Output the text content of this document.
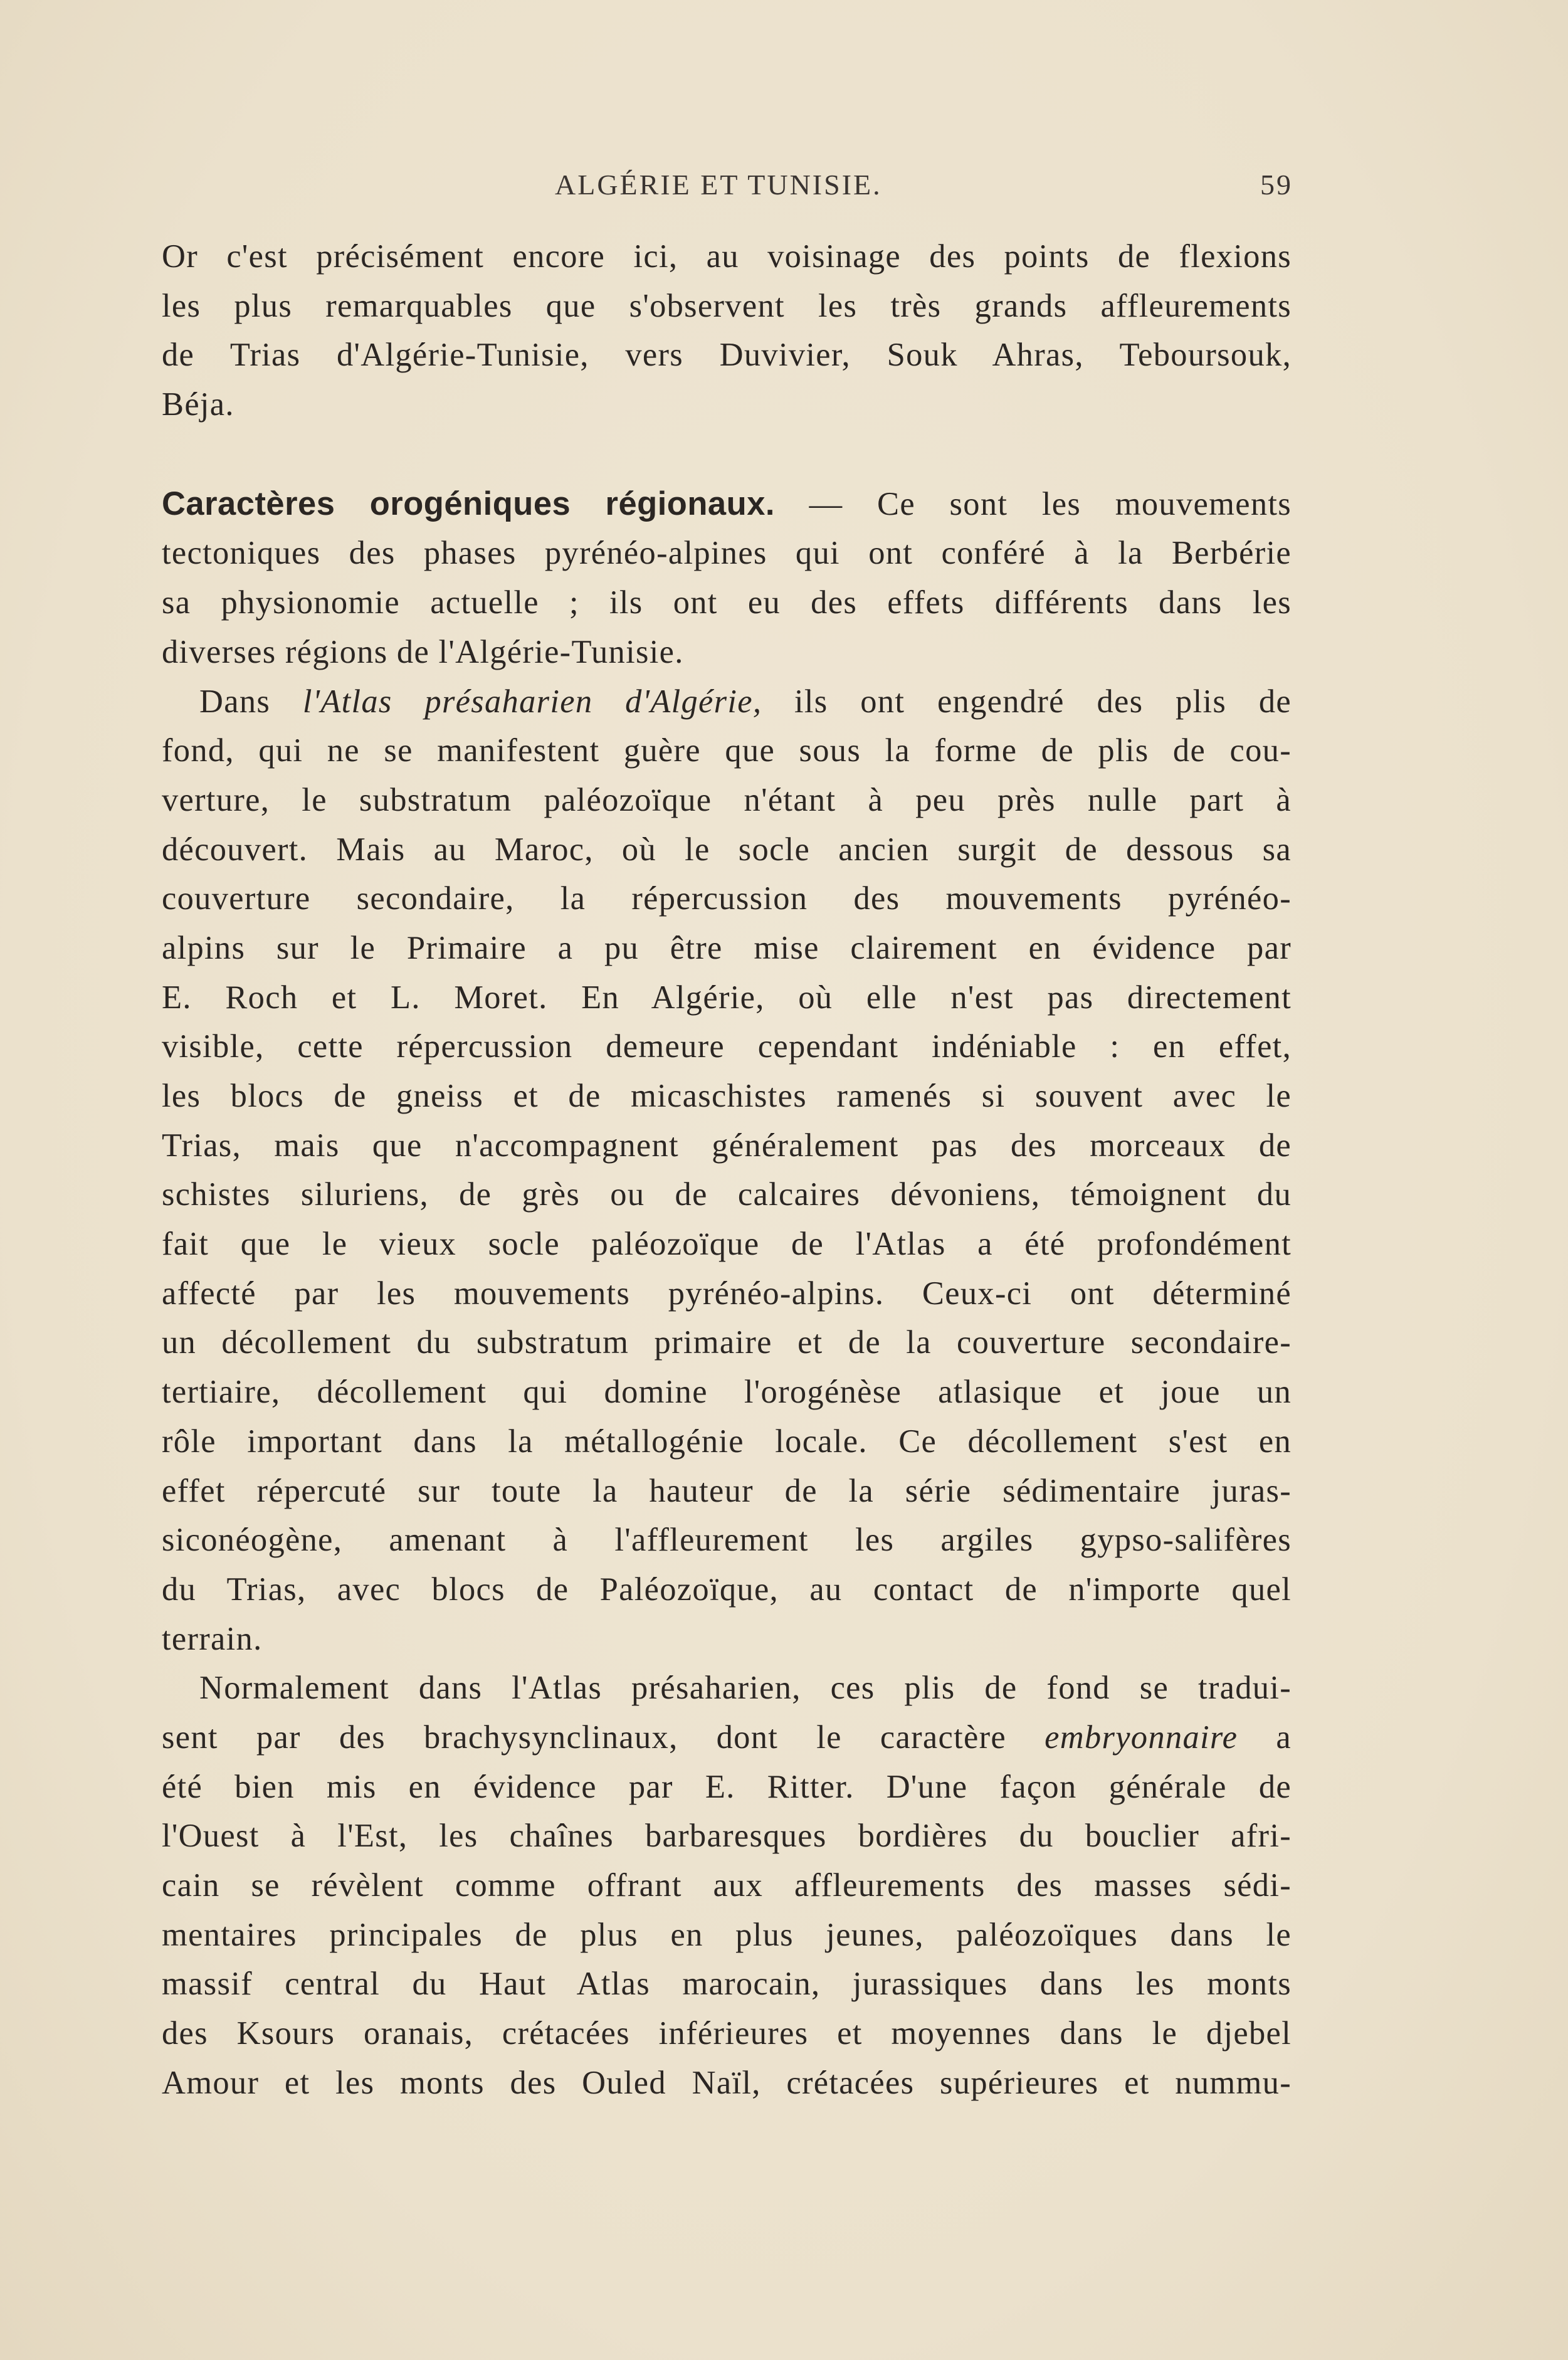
ALGÉRIE ET TUNISIE.	59
Or c'est précisément encore ici, au voisinage des points de flexions
les plus remarquables que s'observent les très grands affleurements
de Trias d'Algérie-Tunisie, vers Duvivier, Souk Ahras, Teboursouk,
Béja.
Caractères orogéniques régionaux. — Ce sont les mouvements
tectoniques des phases pyrénéo-alpines qui ont conféré à la Berbérie
sa physionomie actuelle ; ils ont eu des effets différents dans les
diverses régions de l'Algérie-Tunisie.
Dans l'Atlas présaharien d'Algérie, ils ont engendré des plis de
fond, qui ne se manifestent guère que sous la forme de plis de cou-
verture, le substratum paléozoïque n'étant à peu près nulle part à
découvert. Mais au Maroc, où le socle ancien surgit de dessous sa
couverture secondaire, la répercussion des mouvements pyrénéo-
alpins sur le Primaire a pu être mise clairement en évidence par
E. Roch et L. Moret. En Algérie, où elle n'est pas directement
visible, cette répercussion demeure cependant indéniable : en effet,
les blocs de gneiss et de micaschistes ramenés si souvent avec le
Trias, mais que n'accompagnent généralement pas des morceaux de
schistes siluriens, de grès ou de calcaires dévoniens, témoignent du
fait que le vieux socle paléozoïque de l'Atlas a été profondément
affecté par les mouvements pyrénéo-alpins. Ceux-ci ont déterminé
un décollement du substratum primaire et de la couverture secondaire-
tertiaire, décollement qui domine l'orogénèse atlasique et joue un
rôle important dans la métallogénie locale. Ce décollement s'est en
effet répercuté sur toute la hauteur de la série sédimentaire juras-
siconéogène, amenant à l'affleurement les argiles gypso-salifères
du Trias, avec blocs de Paléozoïque, au contact de n'importe quel
terrain.
Normalement dans l'Atlas présaharien, ces plis de fond se tradui-
sent par des brachysynclinaux, dont le caractère embryonnaire a
été bien mis en évidence par E. Ritter. D'une façon générale de
l'Ouest à l'Est, les chaînes barbaresques bordières du bouclier afri-
cain se révèlent comme offrant aux affleurements des masses sédi-
mentaires principales de plus en plus jeunes, paléozoïques dans le
massif central du Haut Atlas marocain, jurassiques dans les monts
des Ksours oranais, crétacées inférieures et moyennes dans le djebel
Amour et les monts des Ouled Naïl, crétacées supérieures et nummu-
